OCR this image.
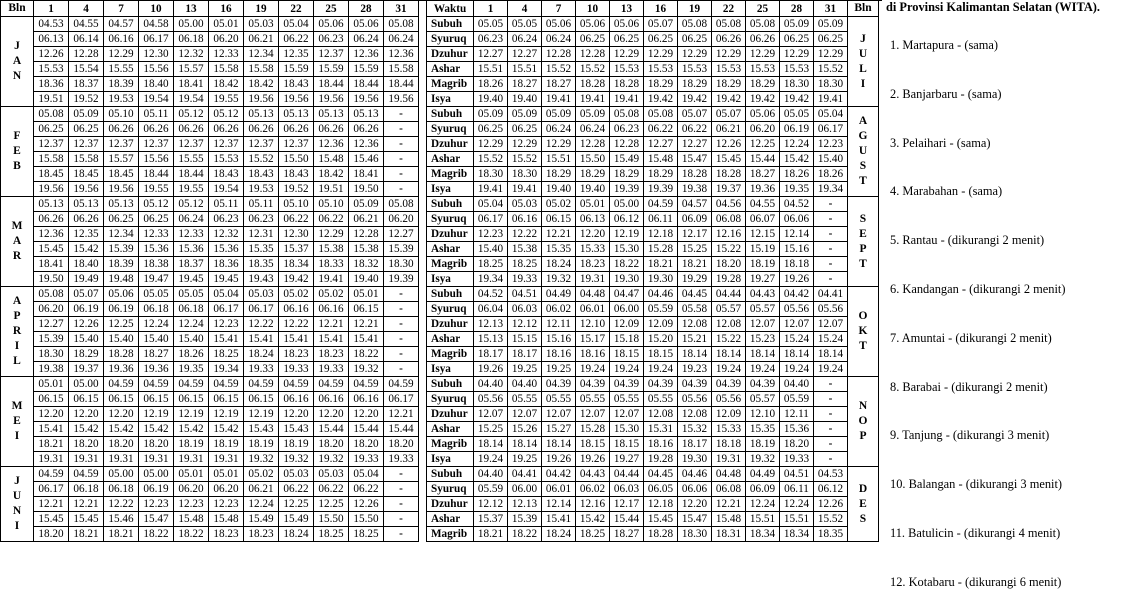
Bln	1	4	7	10	13	16	19	22	25	28	31

J
A
N	04.53	04.55	04.57	04.58	05.00	05.01	05.03	05.04	05.06	05.06	05.08
	06.13	06.14	06.16	06.17	06.18	06.20	06.21	06.22	06.23	06.24	06.24
	12.26	12.28	12.29	12.30	12.32	12.33	12.34	12.35	12.37	12.36	12.36
	15.53	15.54	15.55	15.56	15.57	15.58	15.58	15.59	15.59	15.59	15.58
	18.36	18.37	18.39	18.40	18.41	18.42	18.42	18.43	18.44	18.44	18.44
	19.51	19.52	19.53	19.54	19.54	19.55	19.56	19.56	19.56	19.56	19.56

F
E
B	05.08	05.09	05.10	05.11	05.12	05.12	05.13	05.13	05.13	05.13	-
	06.25	06.25	06.26	06.26	06.26	06.26	06.26	06.26	06.26	06.26	-
	12.37	12.37	12.37	12.37	12.37	12.37	12.37	12.37	12.36	12.36	-
	15.58	15.58	15.57	15.56	15.55	15.53	15.52	15.50	15.48	15.46	-
	18.45	18.45	18.45	18.44	18.44	18.43	18.43	18.43	18.42	18.41	-
	19.56	19.56	19.56	19.55	19.55	19.54	19.53	19.52	19.51	19.50	-

M
A
R	05.13	05.13	05.13	05.12	05.12	05.11	05.11	05.10	05.10	05.09	05.08
	06.26	06.26	06.25	06.25	06.24	06.23	06.23	06.22	06.22	06.21	06.20
	12.36	12.35	12.34	12.33	12.33	12.32	12.31	12.30	12.29	12.28	12.27
	15.45	15.42	15.39	15.36	15.36	15.36	15.35	15.37	15.38	15.38	15.39
	18.41	18.40	18.39	18.38	18.37	18.36	18.35	18.34	18.33	18.32	18.30
	19.50	19.49	19.48	19.47	19.45	19.45	19.43	19.42	19.41	19.40	19.39

A
P
R
I
L	05.08	05.07	05.06	05.05	05.05	05.04	05.03	05.02	05.02	05.01	-
	06.20	06.19	06.19	06.18	06.18	06.17	06.17	06.16	06.16	06.15	-
	12.27	12.26	12.25	12.24	12.24	12.23	12.22	12.22	12.21	12.21	-
	15.39	15.40	15.40	15.40	15.40	15.41	15.41	15.41	15.41	15.41	-
	18.30	18.29	18.28	18.27	18.26	18.25	18.24	18.23	18.23	18.22	-
	19.38	19.37	19.36	19.36	19.35	19.34	19.33	19.33	19.33	19.32	-

M
E
I	05.01	05.00	04.59	04.59	04.59	04.59	04.59	04.59	04.59	04.59	04.59
	06.15	06.15	06.15	06.15	06.15	06.15	06.15	06.16	06.16	06.16	06.17
	12.20	12.20	12.20	12.19	12.19	12.19	12.19	12.20	12.20	12.20	12.21
	15.41	15.42	15.42	15.42	15.42	15.42	15.43	15.43	15.44	15.44	15.44
	18.21	18.20	18.20	18.20	18.19	18.19	18.19	18.19	18.20	18.20	18.20
	19.31	19.31	19.31	19.31	19.31	19.31	19.32	19.32	19.32	19.33	19.33

J
U
N
I	04.59	04.59	05.00	05.00	05.01	05.01	05.02	05.03	05.03	05.04	-
	06.17	06.18	06.18	06.19	06.20	06.20	06.21	06.22	06.22	06.22	-
	12.21	12.21	12.22	12.23	12.23	12.23	12.24	12.25	12.25	12.26	-
	15.45	15.45	15.46	15.47	15.48	15.48	15.49	15.49	15.50	15.50	-
	18.20	18.21	18.21	18.22	18.22	18.23	18.23	18.24	18.25	18.25	-
Waktu	1	4	7	10	13	16	19	22	25	28	31	Bln
Subuh	05.05	05.05	05.06	05.06	05.06	05.07	05.08	05.08	05.08	05.09	05.09	J
U
L
I

Syuruq	06.23	06.24	06.24	06.25	06.25	06.25	06.25	06.26	06.26	06.25	06.25	
Dzuhur	12.27	12.27	12.28	12.28	12.29	12.29	12.29	12.29	12.29	12.29	12.29	
Ashar	15.51	15.51	15.52	15.52	15.53	15.53	15.53	15.53	15.53	15.53	15.52	
Magrib	18.26	18.27	18.27	18.28	18.28	18.29	18.29	18.29	18.29	18.30	18.30	
Isya	19.40	19.40	19.41	19.41	19.41	19.42	19.42	19.42	19.42	19.42	19.41	
Subuh	05.09	05.09	05.09	05.09	05.08	05.08	05.07	05.07	05.06	05.05	05.04	A
G
U
S
T

Syuruq	06.25	06.25	06.24	06.24	06.23	06.22	06.22	06.21	06.20	06.19	06.17	
Dzuhur	12.29	12.29	12.29	12.28	12.28	12.27	12.27	12.26	12.25	12.24	12.23	
Ashar	15.52	15.52	15.51	15.50	15.49	15.48	15.47	15.45	15.44	15.42	15.40	
Magrib	18.30	18.30	18.29	18.29	18.29	18.29	18.28	18.28	18.27	18.26	18.26	
Isya	19.41	19.41	19.40	19.40	19.39	19.39	19.38	19.37	19.36	19.35	19.34	
Subuh	05.04	05.03	05.02	05.01	05.00	04.59	04.57	04.56	04.55	04.52	-	S
E
P
T

Syuruq	06.17	06.16	06.15	06.13	06.12	06.11	06.09	06.08	06.07	06.06	-	
Dzuhur	12.23	12.22	12.21	12.20	12.19	12.18	12.17	12.16	12.15	12.14	-	
Ashar	15.40	15.38	15.35	15.33	15.30	15.28	15.25	15.22	15.19	15.16	-	
Magrib	18.25	18.25	18.24	18.23	18.22	18.21	18.21	18.20	18.19	18.18	-	
Isya	19.34	19.33	19.32	19.31	19.30	19.30	19.29	19.28	19.27	19.26	-	
Subuh	04.52	04.51	04.49	04.48	04.47	04.46	04.45	04.44	04.43	04.42	04.41	O
K
T

Syuruq	06.04	06.03	06.02	06.01	06.00	05.59	05.58	05.57	05.57	05.56	05.56	
Dzuhur	12.13	12.12	12.11	12.10	12.09	12.09	12.08	12.08	12.07	12.07	12.07	
Ashar	15.13	15.15	15.16	15.17	15.18	15.20	15.21	15.22	15.23	15.24	15.24	
Magrib	18.17	18.17	18.16	18.16	18.15	18.15	18.14	18.14	18.14	18.14	18.14	
Isya	19.26	19.25	19.25	19.24	19.24	19.24	19.23	19.24	19.24	19.24	19.24	
Subuh	04.40	04.40	04.39	04.39	04.39	04.39	04.39	04.39	04.39	04.40	-	N
O
P

Syuruq	05.56	05.55	05.55	05.55	05.55	05.55	05.56	05.56	05.57	05.59	-	
Dzuhur	12.07	12.07	12.07	12.07	12.07	12.08	12.08	12.09	12.10	12.11	-	
Ashar	15.25	15.26	15.27	15.28	15.30	15.31	15.32	15.33	15.35	15.36	-	
Magrib	18.14	18.14	18.14	18.15	18.15	18.16	18.17	18.18	18.19	18.20	-	
Isya	19.24	19.25	19.26	19.26	19.27	19.28	19.30	19.31	19.32	19.33	-	
Subuh	04.40	04.41	04.42	04.43	04.44	04.45	04.46	04.48	04.49	04.51	04.53	D
E
S

Syuruq	05.59	06.00	06.01	06.02	06.03	06.05	06.06	06.08	06.09	06.11	06.12	
Dzuhur	12.12	12.13	12.14	12.16	12.17	12.18	12.20	12.21	12.24	12.24	12.26	
Ashar	15.37	15.39	15.41	15.42	15.44	15.45	15.47	15.48	15.51	15.51	15.52	
Magrib	18.21	18.22	18.24	18.25	18.27	18.28	18.30	18.31	18.34	18.34	18.35	
di Provinsi Kalimantan Selatan (WITA).
1. Martapura - (sama)
2. Banjarbaru - (sama)
3. Pelaihari - (sama)
4. Marabahan - (sama)
5. Rantau - (dikurangi 2 menit)
6. Kandangan - (dikurangi 2 menit)
7. Amuntai - (dikurangi 2 menit)
8. Barabai - (dikurangi 2 menit)
9. Tanjung - (dikurangi 3 menit)
10. Balangan - (dikurangi 3 menit)
11. Batulicin - (dikurangi 4 menit)
12. Kotabaru - (dikurangi 6 menit)
